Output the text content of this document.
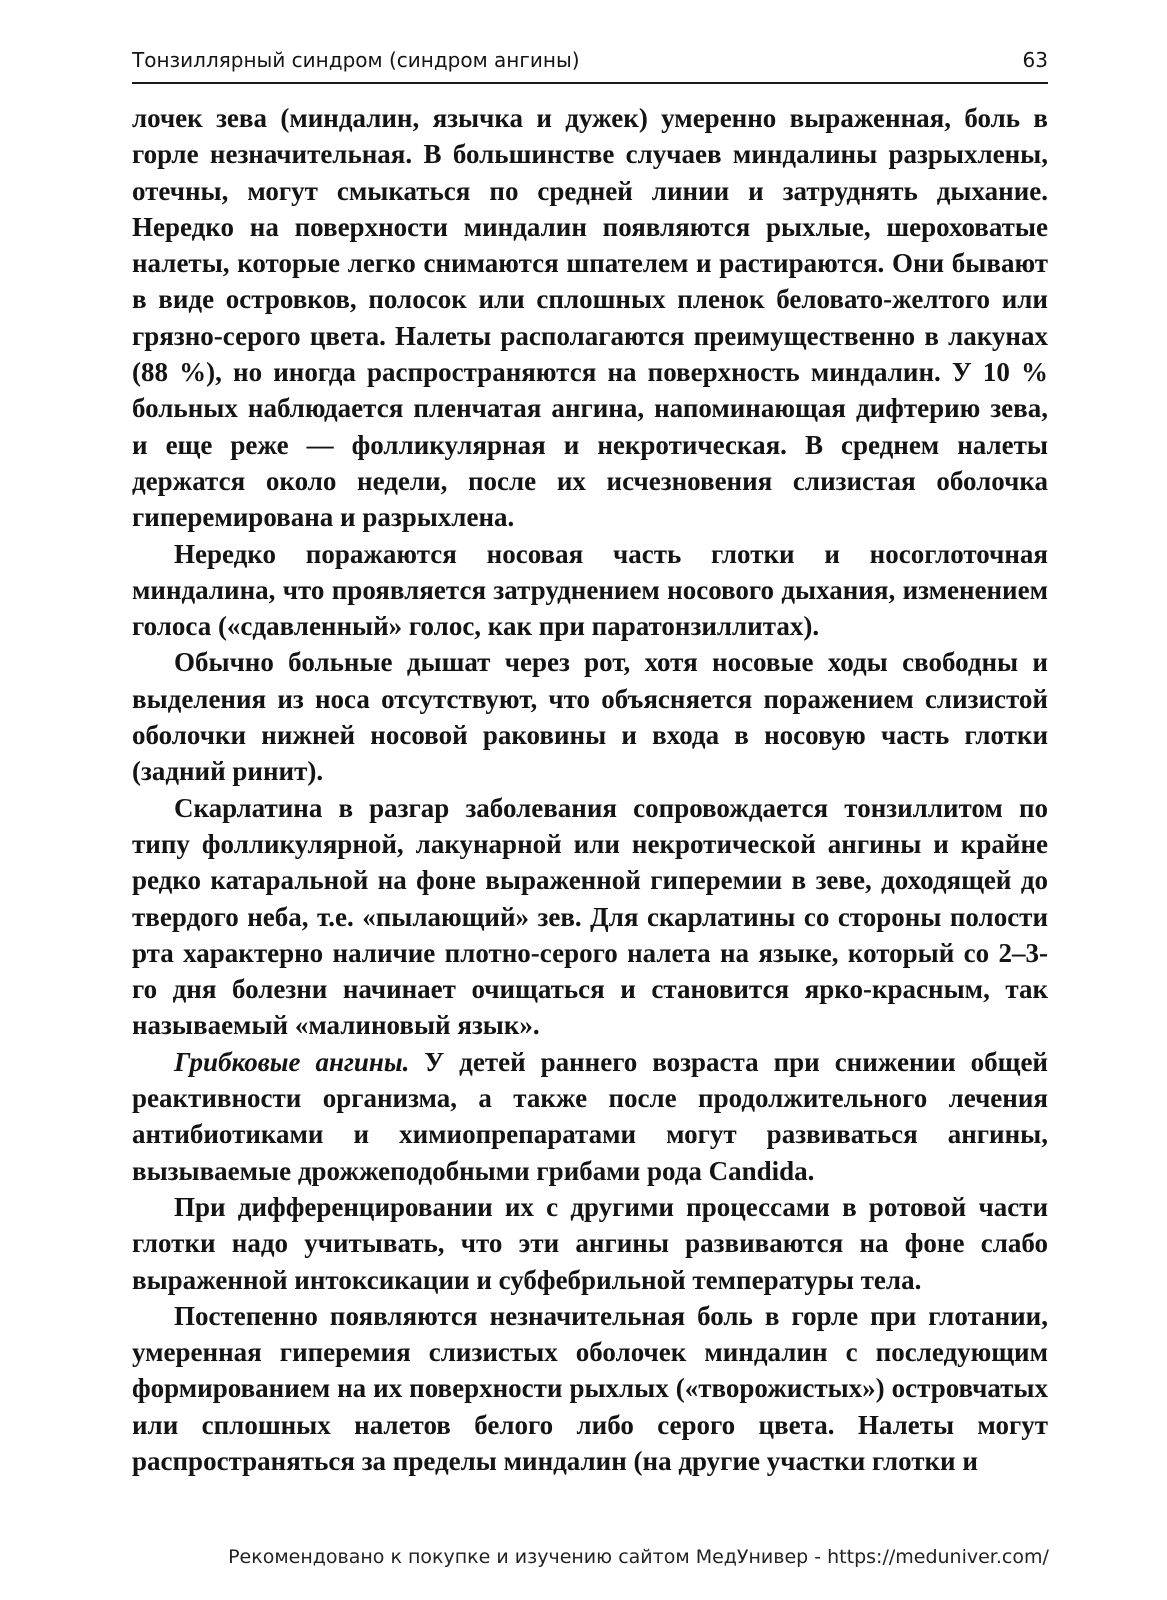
Тонзиллярный синдром (синдром ангины)	63

лочек зева (миндалин, язычка и дужек) умеренно выраженная, боль в горле незначительная. В большинстве случаев миндалины разрыхлены, отечны, могут смыкаться по средней линии и затруднять дыхание. Нередко на поверхности миндалин появляются рыхлые, шероховатые налеты, которые легко снимаются шпателем и растираются. Они бывают в виде островков, полосок или сплошных пленок беловато-желтого или грязно-серого цвета. Налеты располагаются преимущественно в лакунах (88 %), но иногда распространяются на поверхность миндалин. У 10 % больных наблюдается пленчатая ангина, напоминающая дифтерию зева, и еще реже — фолликулярная и некротическая. В среднем налеты держатся около недели, после их исчезновения слизистая оболочка гиперемирована и разрыхлена.

Нередко поражаются носовая часть глотки и носоглоточная миндалина, что проявляется затруднением носового дыхания, изменением голоса («сдавленный» голос, как при паратонзиллитах).

Обычно больные дышат через рот, хотя носовые ходы свободны и выделения из носа отсутствуют, что объясняется поражением слизистой оболочки нижней носовой раковины и входа в носовую часть глотки (задний ринит).

Скарлатина в разгар заболевания сопровождается тонзиллитом по типу фолликулярной, лакунарной или некротической ангины и крайне редко катаральной на фоне выраженной гиперемии в зеве, доходящей до твердого неба, т.е. «пылающий» зев. Для скарлатины со стороны полости рта характерно наличие плотно-серого налета на языке, который со 2–3-го дня болезни начинает очищаться и становится ярко-красным, так называемый «малиновый язык».

Грибковые ангины. У детей раннего возраста при снижении общей реактивности организма, а также после продолжительного лечения антибиотиками и химиопрепаратами могут развиваться ангины, вызываемые дрожжеподобными грибами рода Candida.

При дифференцировании их с другими процессами в ротовой части глотки надо учитывать, что эти ангины развиваются на фоне слабо выраженной интоксикации и субфебрильной температуры тела.

Постепенно появляются незначительная боль в горле при глотании, умеренная гиперемия слизистых оболочек миндалин с последующим формированием на их поверхности рыхлых («творожистых») островчатых или сплошных налетов белого либо серого цвета. Налеты могут распространяться за пределы миндалин (на другие участки глотки и

Рекомендовано к покупке и изучению сайтом МедУнивер - https://meduniver.com/
